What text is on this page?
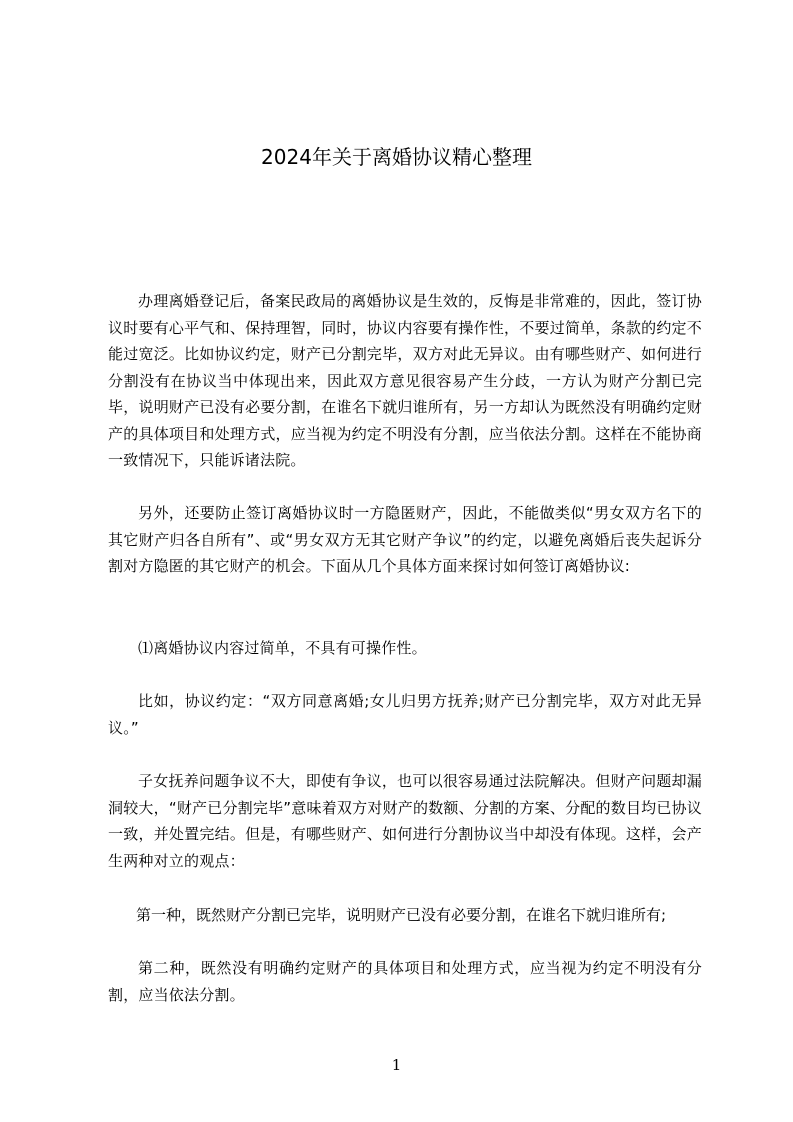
2024年关于离婚协议精心整理

办理离婚登记后，备案民政局的离婚协议是生效的，反悔是非常难的，因此，签订协议时要有心平气和、保持理智，同时，协议内容要有操作性，不要过简单，条款的约定不能过宽泛。比如协议约定，财产已分割完毕，双方对此无异议。由有哪些财产、如何进行分割没有在协议当中体现出来，因此双方意见很容易产生分歧，一方认为财产分割已完毕，说明财产已没有必要分割，在谁名下就归谁所有，另一方却认为既然没有明确约定财产的具体项目和处理方式，应当视为约定不明没有分割，应当依法分割。这样在不能协商一致情况下，只能诉诸法院。

另外，还要防止签订离婚协议时一方隐匿财产，因此，不能做类似“男女双方名下的其它财产归各自所有”、或“男女双方无其它财产争议”的约定，以避免离婚后丧失起诉分割对方隐匿的其它财产的机会。下面从几个具体方面来探讨如何签订离婚协议:

⑴离婚协议内容过简单，不具有可操作性。

比如，协议约定：“双方同意离婚;女儿归男方抚养;财产已分割完毕，双方对此无异议。”

子女抚养问题争议不大，即使有争议，也可以很容易通过法院解决。但财产问题却漏洞较大，“财产已分割完毕”意味着双方对财产的数额、分割的方案、分配的数目均已协议一致，并处置完结。但是，有哪些财产、如何进行分割协议当中却没有体现。这样，会产生两种对立的观点：

第一种，既然财产分割已完毕，说明财产已没有必要分割，在谁名下就归谁所有;

第二种，既然没有明确约定财产的具体项目和处理方式，应当视为约定不明没有分割，应当依法分割。

1
